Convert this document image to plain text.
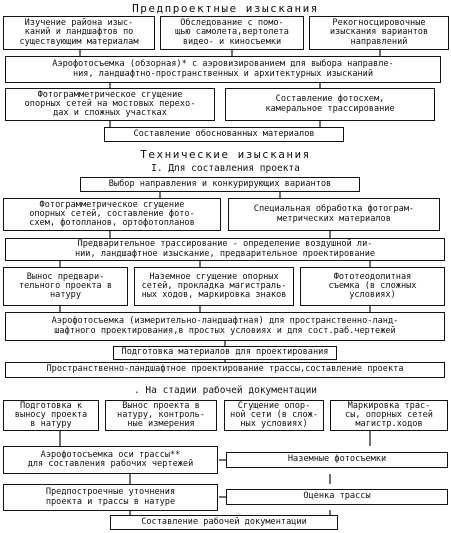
Предпроектные изыскания
Изучение района изыс-
каний и ландшафтов по
существующим материалам
Обследование с помо-
щью самолета,вертолета
видео- и киносъемки
Рекогносцировочные
изыскания вариантов
направлений
Аэрофотосъемка (обзорная)* с аэровизированием для выбора направле-
ния, ландшафтно-пространственных и архитектурных изысканий
Фотограмметрическое сгущение
опорных сетей на мостовых перехо-
дах и сложных участках
Составление фотосхем,
камеральное трассирование
Составление обоснованных материалов
Технические изыскания
I. Для составления проекта
Выбор направления и конкурирующих вариантов
Фотограмметрическое сгущение
опорных сетей, составление фото-
схем, фотопланов, ортофотопланов
Специальная обработка фотограм-
метрических материалов
Предварительное трассирование - определение воздушной ли-
нии, ландшафтное изыскание, предварительное проектирование
Вынос предвари-
тельного проекта в
натуру
Наземное сгущение опорных
сетей, прокладка магистраль-
ных ходов, маркировка знаков
Фототеодолитная
съемка (в сложных
условиях)
Аэрофотосъемка (измерительно-ландшафтная) для пространственно-ланд-
шафтного проектирования,в простых условиях и для сост.раб.чертежей
Подготовка материалов для проектирования
Пространственно-ландшафтное проектирование трассы,составление проекта
. На стадии рабочей документации
Подготовка к
выносу проекта
в натуру
Вынос проекта в
натуру, контроль-
ные измерения
Сгущение опор-
ной сети (в слож-
ных условиях)
Маркировка трас-
сы, опорных сетей
магистр.ходов
Аэрофотосъемка оси трассы**
для составления рабочих чертежей	Наземные фотосъемки
Предпостроечные уточнения
проекта и трассы в натуре
Оценка трассы
Составление рабочей документации
